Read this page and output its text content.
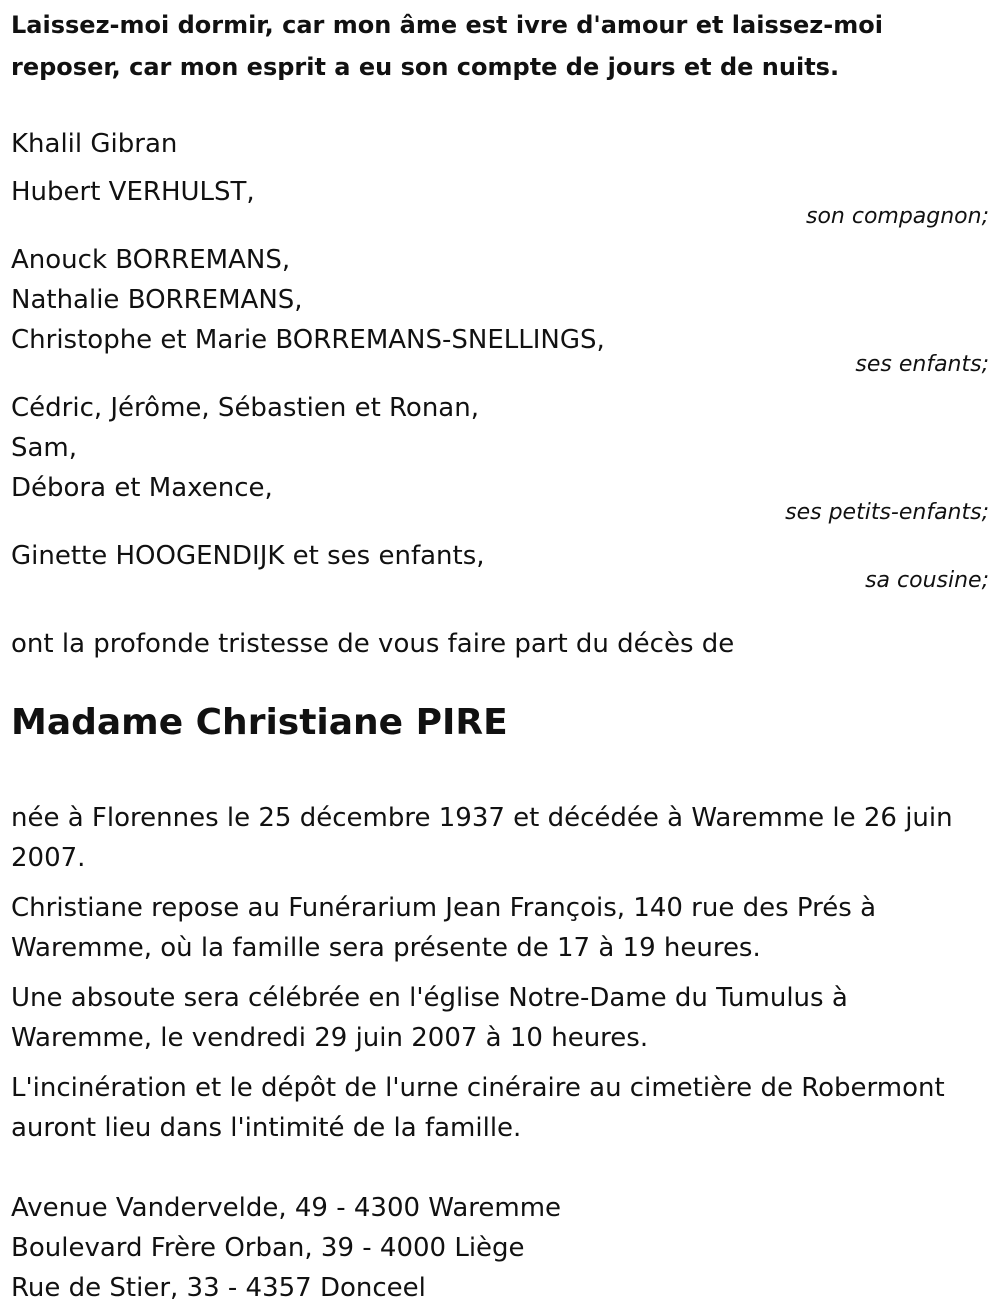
Laissez-moi dormir, car mon âme est ivre d'amour et laissez-moi reposer, car mon esprit a eu son compte de jours et de nuits.
Khalil Gibran
Hubert VERHULST,
son compagnon;
Anouck BORREMANS,
Nathalie BORREMANS,
Christophe et Marie BORREMANS-SNELLINGS,
ses enfants;
Cédric, Jérôme, Sébastien et Ronan,
Sam,
Débora et Maxence,
ses petits-enfants;
Ginette HOOGENDIJK et ses enfants,
sa cousine;
ont la profonde tristesse de vous faire part du décès de
Madame Christiane PIRE
née à Florennes le 25 décembre 1937 et décédée à Waremme le 26 juin 2007.
Christiane repose au Funérarium Jean François, 140 rue des Prés à Waremme, où la famille sera présente de 17 à 19 heures.
Une absoute sera célébrée en l'église Notre-Dame du Tumulus à Waremme, le vendredi 29 juin 2007 à 10 heures.
L'incinération et le dépôt de l'urne cinéraire au cimetière de Robermont auront lieu dans l'intimité de la famille.
Avenue Vandervelde, 49 - 4300 Waremme
Boulevard Frère Orban, 39 - 4000 Liège
Rue de Stier, 33 - 4357 Donceel
